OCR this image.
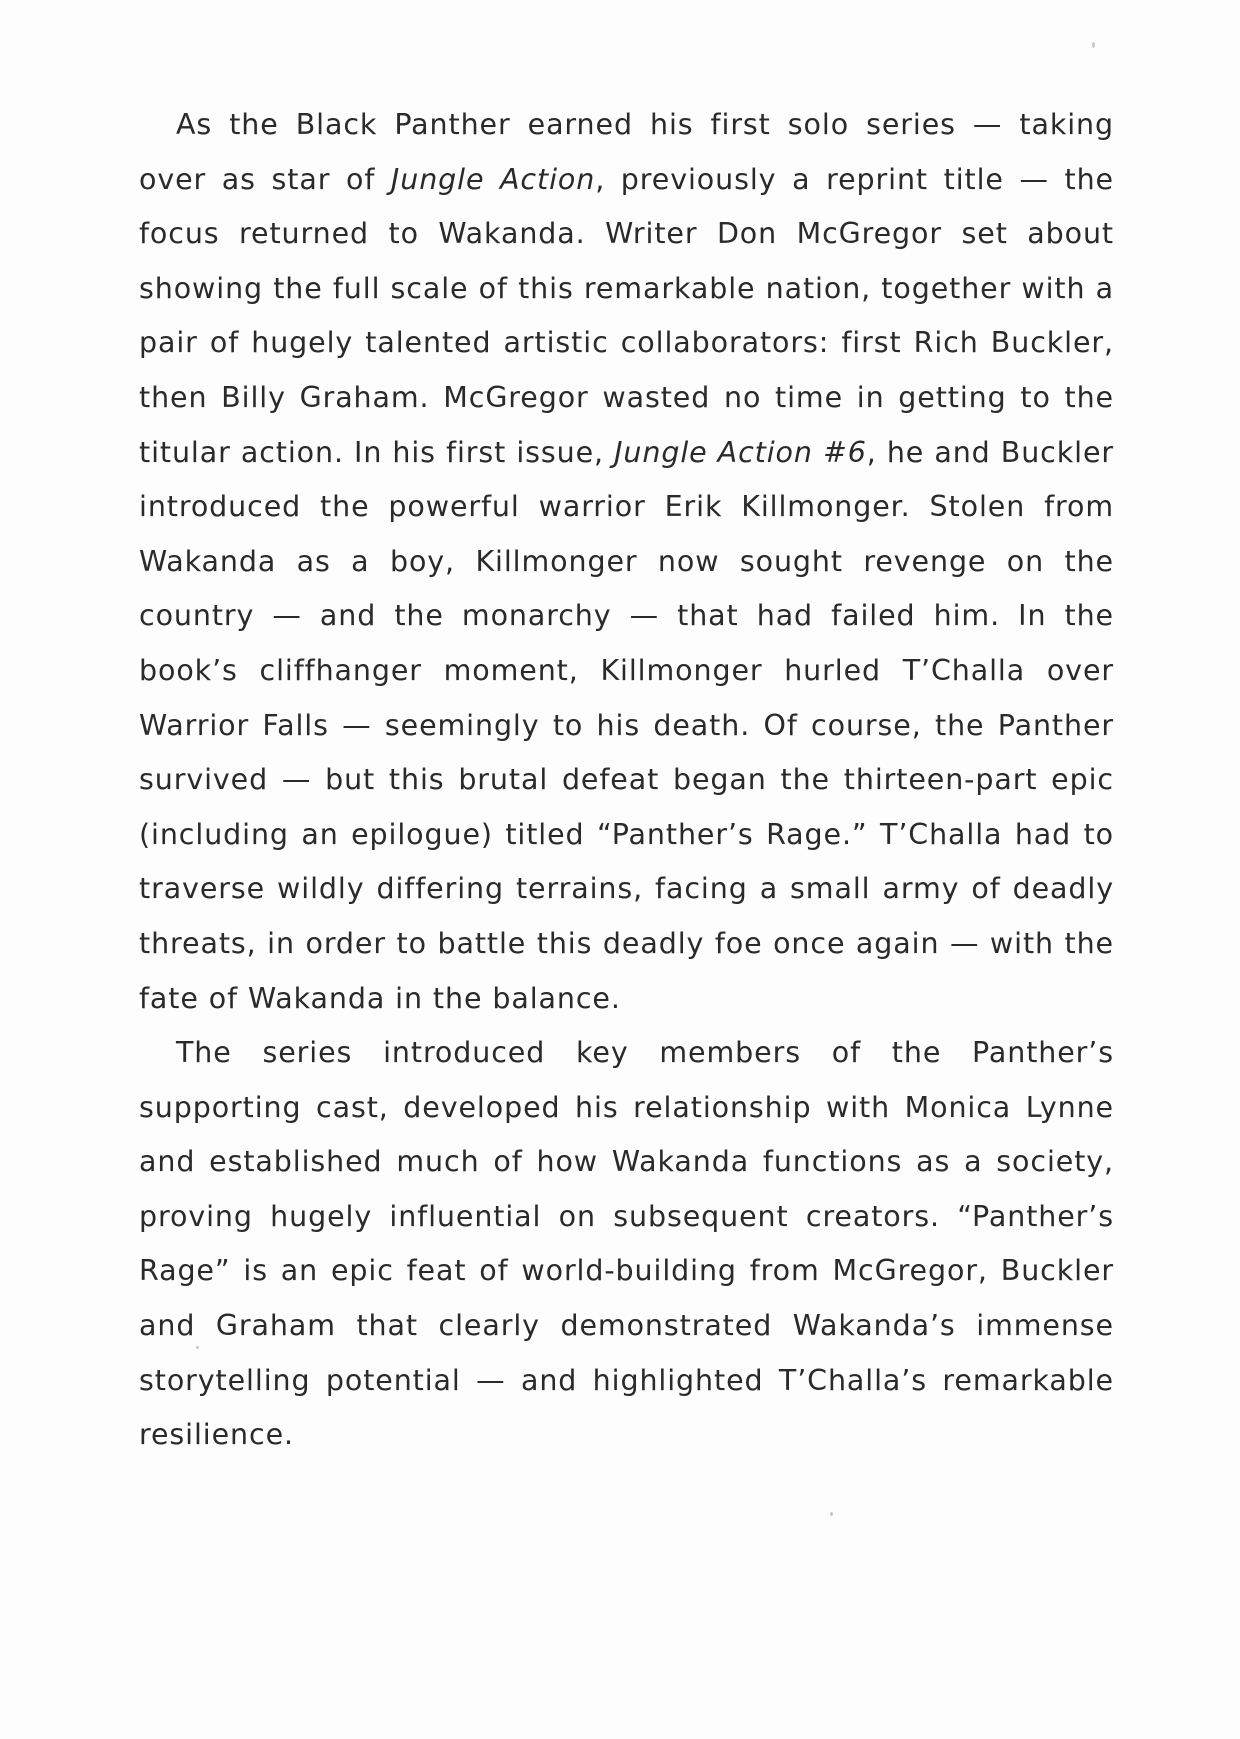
As the Black Panther earned his first solo series — taking over as star of Jungle Action, previously a reprint title — the focus returned to Wakanda. Writer Don McGregor set about showing the full scale of this remarkable nation, together with a pair of hugely talented artistic collaborators: first Rich Buckler, then Billy Graham. McGregor wasted no time in getting to the titular action. In his first issue, Jungle Action #6, he and Buckler introduced the powerful warrior Erik Killmonger. Stolen from Wakanda as a boy, Killmonger now sought revenge on the country — and the monarchy — that had failed him. In the book’s cliffhanger moment, Killmonger hurled T’Challa over Warrior Falls — seemingly to his death. Of course, the Panther survived — but this brutal defeat began the thirteen-part epic (including an epilogue) titled “Panther’s Rage.” T’Challa had to traverse wildly differing terrains, facing a small army of deadly threats, in order to battle this deadly foe once again — with the fate of Wakanda in the balance.

The series introduced key members of the Panther’s supporting cast, developed his relationship with Monica Lynne and established much of how Wakanda functions as a society, proving hugely influential on subsequent creators. “Panther’s Rage” is an epic feat of world-building from McGregor, Buckler and Graham that clearly demonstrated Wakanda’s immense storytelling potential — and highlighted T’Challa’s remarkable resilience.
